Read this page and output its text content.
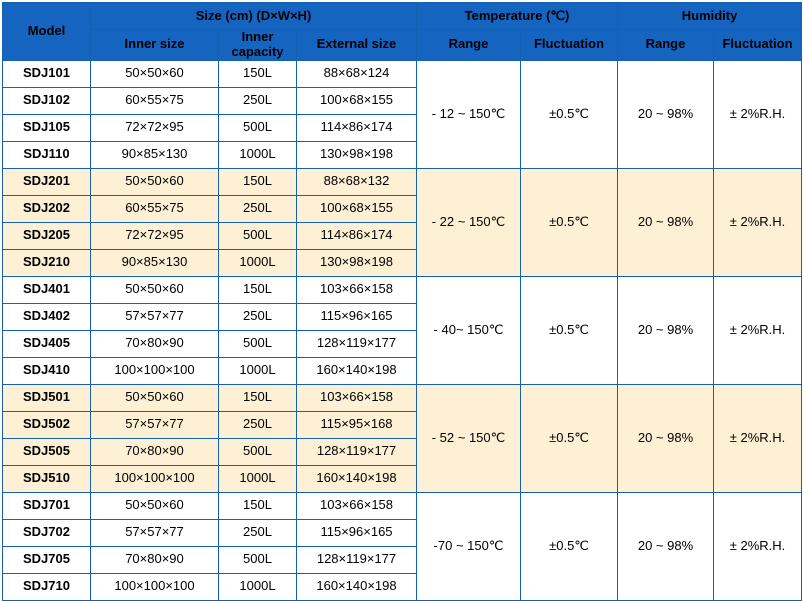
Model	Size (cm) (D×W×H)			Temperature (℃)		Humidity	
	Inner size	Inner capacity	External size	Range	Fluctuation	Range	Fluctuation
SDJ101	50×50×60	150L	88×68×124	- 12 ~ 150℃	±0.5℃	20 ~ 98%	± 2%R.H.
SDJ102	60×55×75	250L	100×68×155				
SDJ105	72×72×95	500L	114×86×174				
SDJ110	90×85×130	1000L	130×98×198				
SDJ201	50×50×60	150L	88×68×132	- 22 ~ 150℃	±0.5℃	20 ~ 98%	± 2%R.H.
SDJ202	60×55×75	250L	100×68×155				
SDJ205	72×72×95	500L	114×86×174				
SDJ210	90×85×130	1000L	130×98×198				
SDJ401	50×50×60	150L	103×66×158	- 40~ 150℃	±0.5℃	20 ~ 98%	± 2%R.H.
SDJ402	57×57×77	250L	115×96×165				
SDJ405	70×80×90	500L	128×119×177				
SDJ410	100×100×100	1000L	160×140×198				
SDJ501	50×50×60	150L	103×66×158	- 52 ~ 150℃	±0.5℃	20 ~ 98%	± 2%R.H.
SDJ502	57×57×77	250L	115×95×168				
SDJ505	70×80×90	500L	128×119×177				
SDJ510	100×100×100	1000L	160×140×198				
SDJ701	50×50×60	150L	103×66×158	-70 ~ 150℃	±0.5℃	20 ~ 98%	± 2%R.H.
SDJ702	57×57×77	250L	115×96×165				
SDJ705	70×80×90	500L	128×119×177				
SDJ710	100×100×100	1000L	160×140×198				
